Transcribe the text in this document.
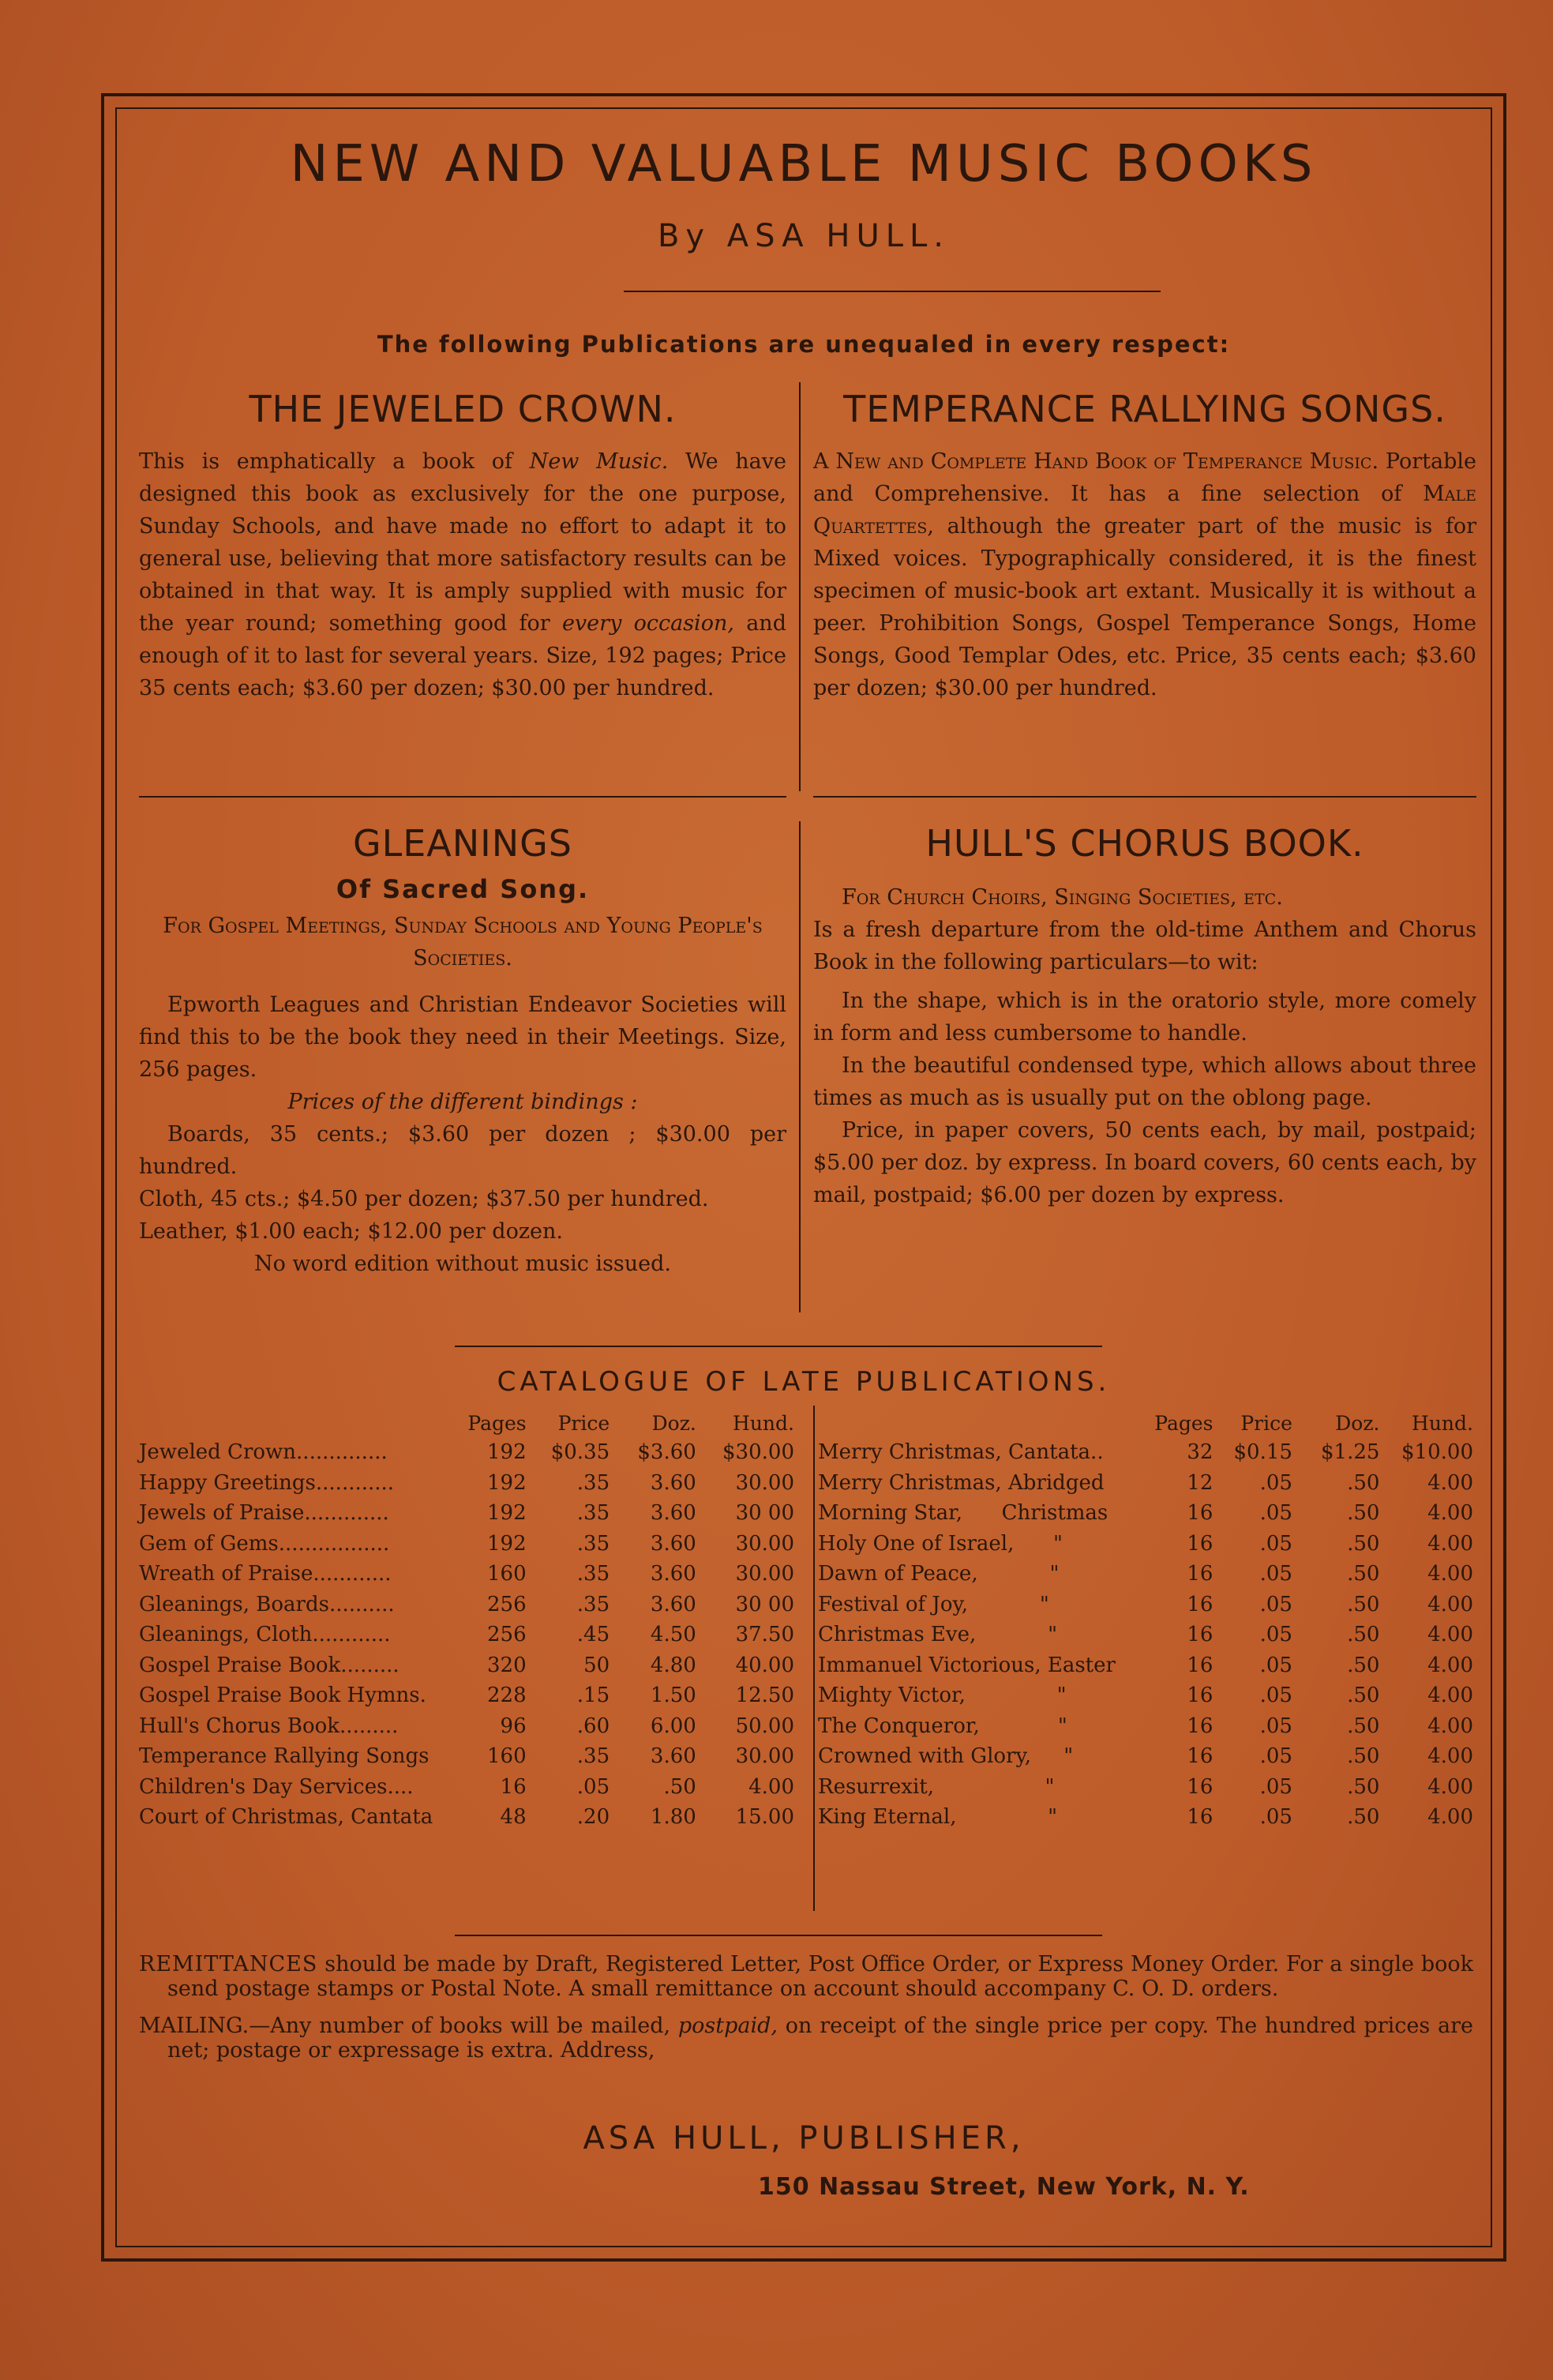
NEW AND VALUABLE MUSIC BOOKS
By ASA HULL.
The following Publications are unequaled in every respect:
THE JEWELED CROWN.

This is emphatically a book of New Music. We have designed this book as exclusively for the one purpose, Sunday Schools, and have made no effort to adapt it to general use, believing that more satisfactory results can be obtained in that way. It is amply supplied with music for the year round; something good for every occasion, and enough of it to last for several years. Size, 192 pages; Price 35 cents each; $3.60 per dozen; $30.00 per hundred.

TEMPERANCE RALLYING SONGS.

A New and Complete Hand Book of Temperance Music. Portable and Comprehensive. It has a fine selection of Male Quartettes, although the greater part of the music is for Mixed voices. Typographically considered, it is the finest specimen of music-book art extant. Musically it is without a peer. Prohibition Songs, Gospel Temperance Songs, Home Songs, Good Templar Odes, etc. Price, 35 cents each; $3.60 per dozen; $30.00 per hundred.

GLEANINGS
Of Sacred Song.
For Gospel Meetings, Sunday Schools and Young People's Societies.

Epworth Leagues and Christian Endeavor Societies will find this to be the book they need in their Meetings. Size, 256 pages.

Prices of the different bindings :

Boards, 35 cents.; $3.60 per dozen ; $30.00 per hundred.

Cloth, 45 cts.; $4.50 per dozen; $37.50 per hundred.

Leather, $1.00 each; $12.00 per dozen.

No word edition without music issued.

HULL'S CHORUS BOOK.

For Church Choirs, Singing Societies, etc.

Is a fresh departure from the old-time Anthem and Chorus Book in the following particulars—to wit:

In the shape, which is in the oratorio style, more comely in form and less cumbersome to handle.

In the beautiful condensed type, which allows about three times as much as is usually put on the oblong page.

Price, in paper covers, 50 cents each, by mail, postpaid; $5.00 per doz. by express. In board covers, 60 cents each, by mail, postpaid; $6.00 per dozen by express.

CATALOGUE OF LATE PUBLICATIONS.
	Pages	Price	Doz.	Hund.
Jeweled Crown..............	192	$0.35	$3.60	$30.00
Happy Greetings............	192	.35	3.60	30.00
Jewels of Praise.............	192	.35	3.60	30 00
Gem of Gems.................	192	.35	3.60	30.00
Wreath of Praise............	160	.35	3.60	30.00
Gleanings, Boards..........	256	.35	3.60	30 00
Gleanings, Cloth............	256	.45	4.50	37.50
Gospel Praise Book.........	320	50	4.80	40.00
Gospel Praise Book Hymns.	228	.15	1.50	12.50
Hull's Chorus Book.........	96	.60	6.00	50.00
Temperance Rallying Songs	160	.35	3.60	30.00
Children's Day Services....	16	.05	.50	4.00
Court of Christmas, Cantata	48	.20	1.80	15.00
	Pages	Price	Doz.	Hund.
Merry Christmas, Cantata..	32	$0.15	$1.25	$10.00
Merry Christmas, Abridged	12	.05	.50	4.00
Morning Star,      Christmas	16	.05	.50	4.00
Holy One of Israel,      "	16	.05	.50	4.00
Dawn of Peace,           "	16	.05	.50	4.00
Festival of Joy,           "	16	.05	.50	4.00
Christmas Eve,           "	16	.05	.50	4.00
Immanuel Victorious, Easter	16	.05	.50	4.00
Mighty Victor,              "	16	.05	.50	4.00
The Conqueror,            "	16	.05	.50	4.00
Crowned with Glory,     "	16	.05	.50	4.00
Resurrexit,                 "	16	.05	.50	4.00
King Eternal,              "	16	.05	.50	4.00

REMITTANCES should be made by Draft, Registered Letter, Post Office Order, or Express Money Order. For a single book send postage stamps or Postal Note. A small remittance on account should accompany C. O. D. orders.

MAILING.—Any number of books will be mailed, postpaid, on receipt of the single price per copy. The hundred prices are net; postage or expressage is extra. Address,

ASA HULL, PUBLISHER,
150 Nassau Street, New York, N. Y.
